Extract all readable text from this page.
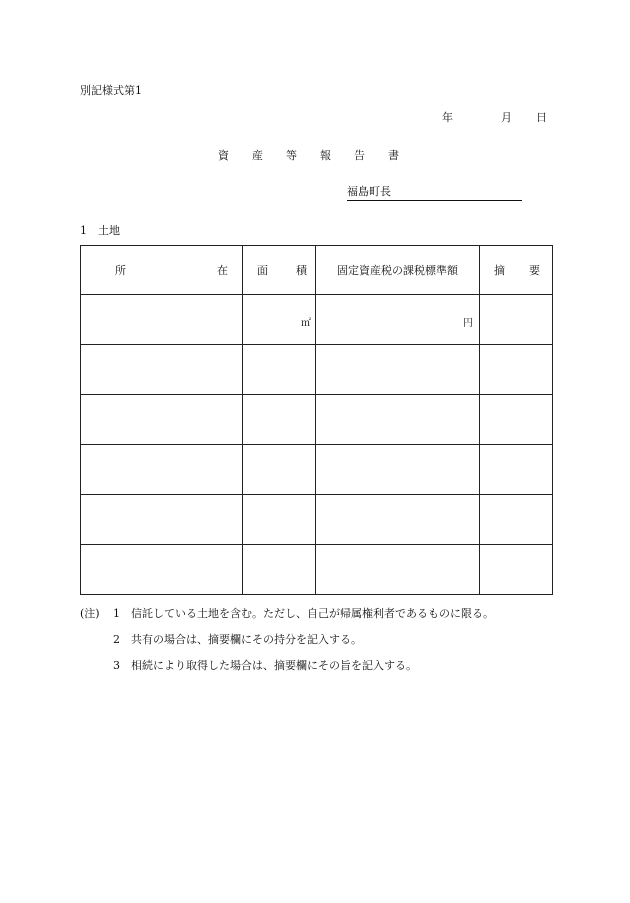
別記様式第1
年	月 日
資 産 等 報 告 書
福島町長
1　土地
所 在	面 積	固定資産税の課税標準額	摘 要

	㎡	円	

(注)	1	信託している土地を含む。ただし、自己が帰属権利者であるものに限る。
2	共有の場合は、摘要欄にその持分を記入する。
3	相続により取得した場合は、摘要欄にその旨を記入する。
